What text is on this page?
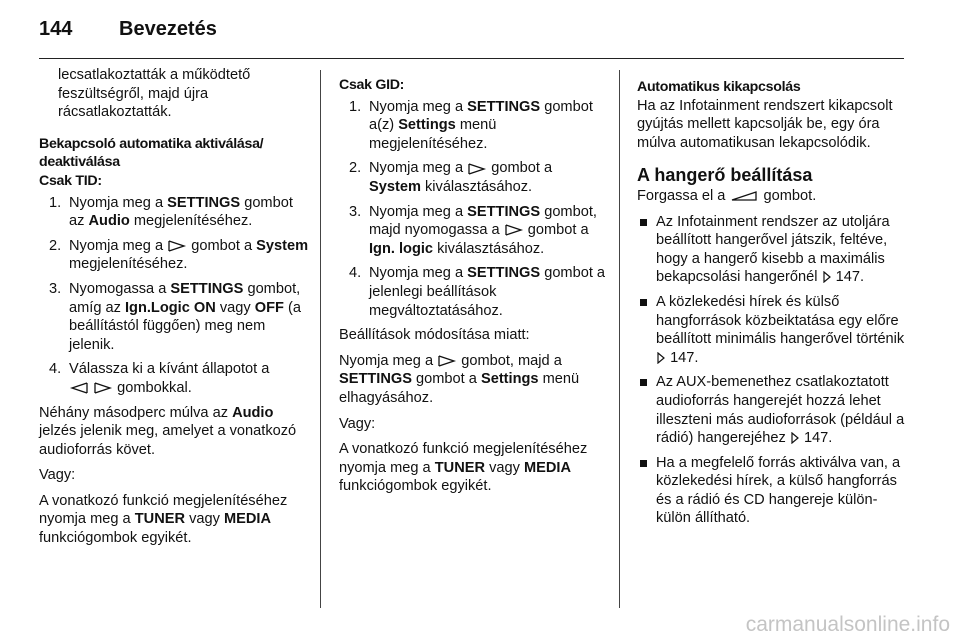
144 Bevezetés

lecsatlakoztatták a működtető feszültségről, majd újra rácsatlakoztatták.

Bekapcsoló automatika aktiválása/ deaktiválása
Csak TID:
1. Nyomja meg a SETTINGS gombot az Audio megjelenítéséhez.
2. Nyomja meg a gombot a System megjelenítéséhez.
3. Nyomogassa a SETTINGS gombot, amíg az Ign.Logic ON vagy OFF (a beállítástól függően) meg nem jelenik.
4. Válassza ki a kívánt állapotot a
gombokkal.

Néhány másodperc múlva az Audio jelzés jelenik meg, amelyet a vonatkozó audioforrás követ.

Vagy:

A vonatkozó funkció megjelenítéséhez nyomja meg a TUNER vagy MEDIA funkciógombok egyikét.

Csak GID:
1. Nyomja meg a SETTINGS gombot a(z) Settings menü megjelenítéséhez.
2. Nyomja meg a gombot a System kiválasztásához.
3. Nyomja meg a SETTINGS gombot, majd nyomogassa a gombot a Ign. logic kiválasztásához.
4. Nyomja meg a SETTINGS gombot a jelenlegi beállítások megváltoztatásához.

Beállítások módosítása miatt:

Nyomja meg a gombot, majd a SETTINGS gombot a Settings menü elhagyásához.

Vagy:

A vonatkozó funkció megjelenítéséhez nyomja meg a TUNER vagy MEDIA funkciógombok egyikét.

Automatikus kikapcsolás

Ha az Infotainment rendszert kikapcsolt gyújtás mellett kapcsolják be, egy óra múlva automatikusan lekapcsolódik.

A hangerő beállítása

Forgassa el a	gombot.

Az Infotainment rendszer az utoljára beállított hangerővel játszik, feltéve, hogy a hangerő kisebb a maximális bekapcsolási hangerőnél 147.
A közlekedési hírek és külső hangforrások közbeiktatása egy előre beállított minimális hangerővel történik  147.
Az AUX-bemenethez csatlakoztatott audioforrás hangerejét hozzá lehet illeszteni más audioforrások (például a rádió) hangerejéhez 147.
Ha a megfelelő forrás aktiválva van, a közlekedési hírek, a külső hangforrás és a rádió és CD hangereje külön-külön állítható.
carmanualsonline.info
